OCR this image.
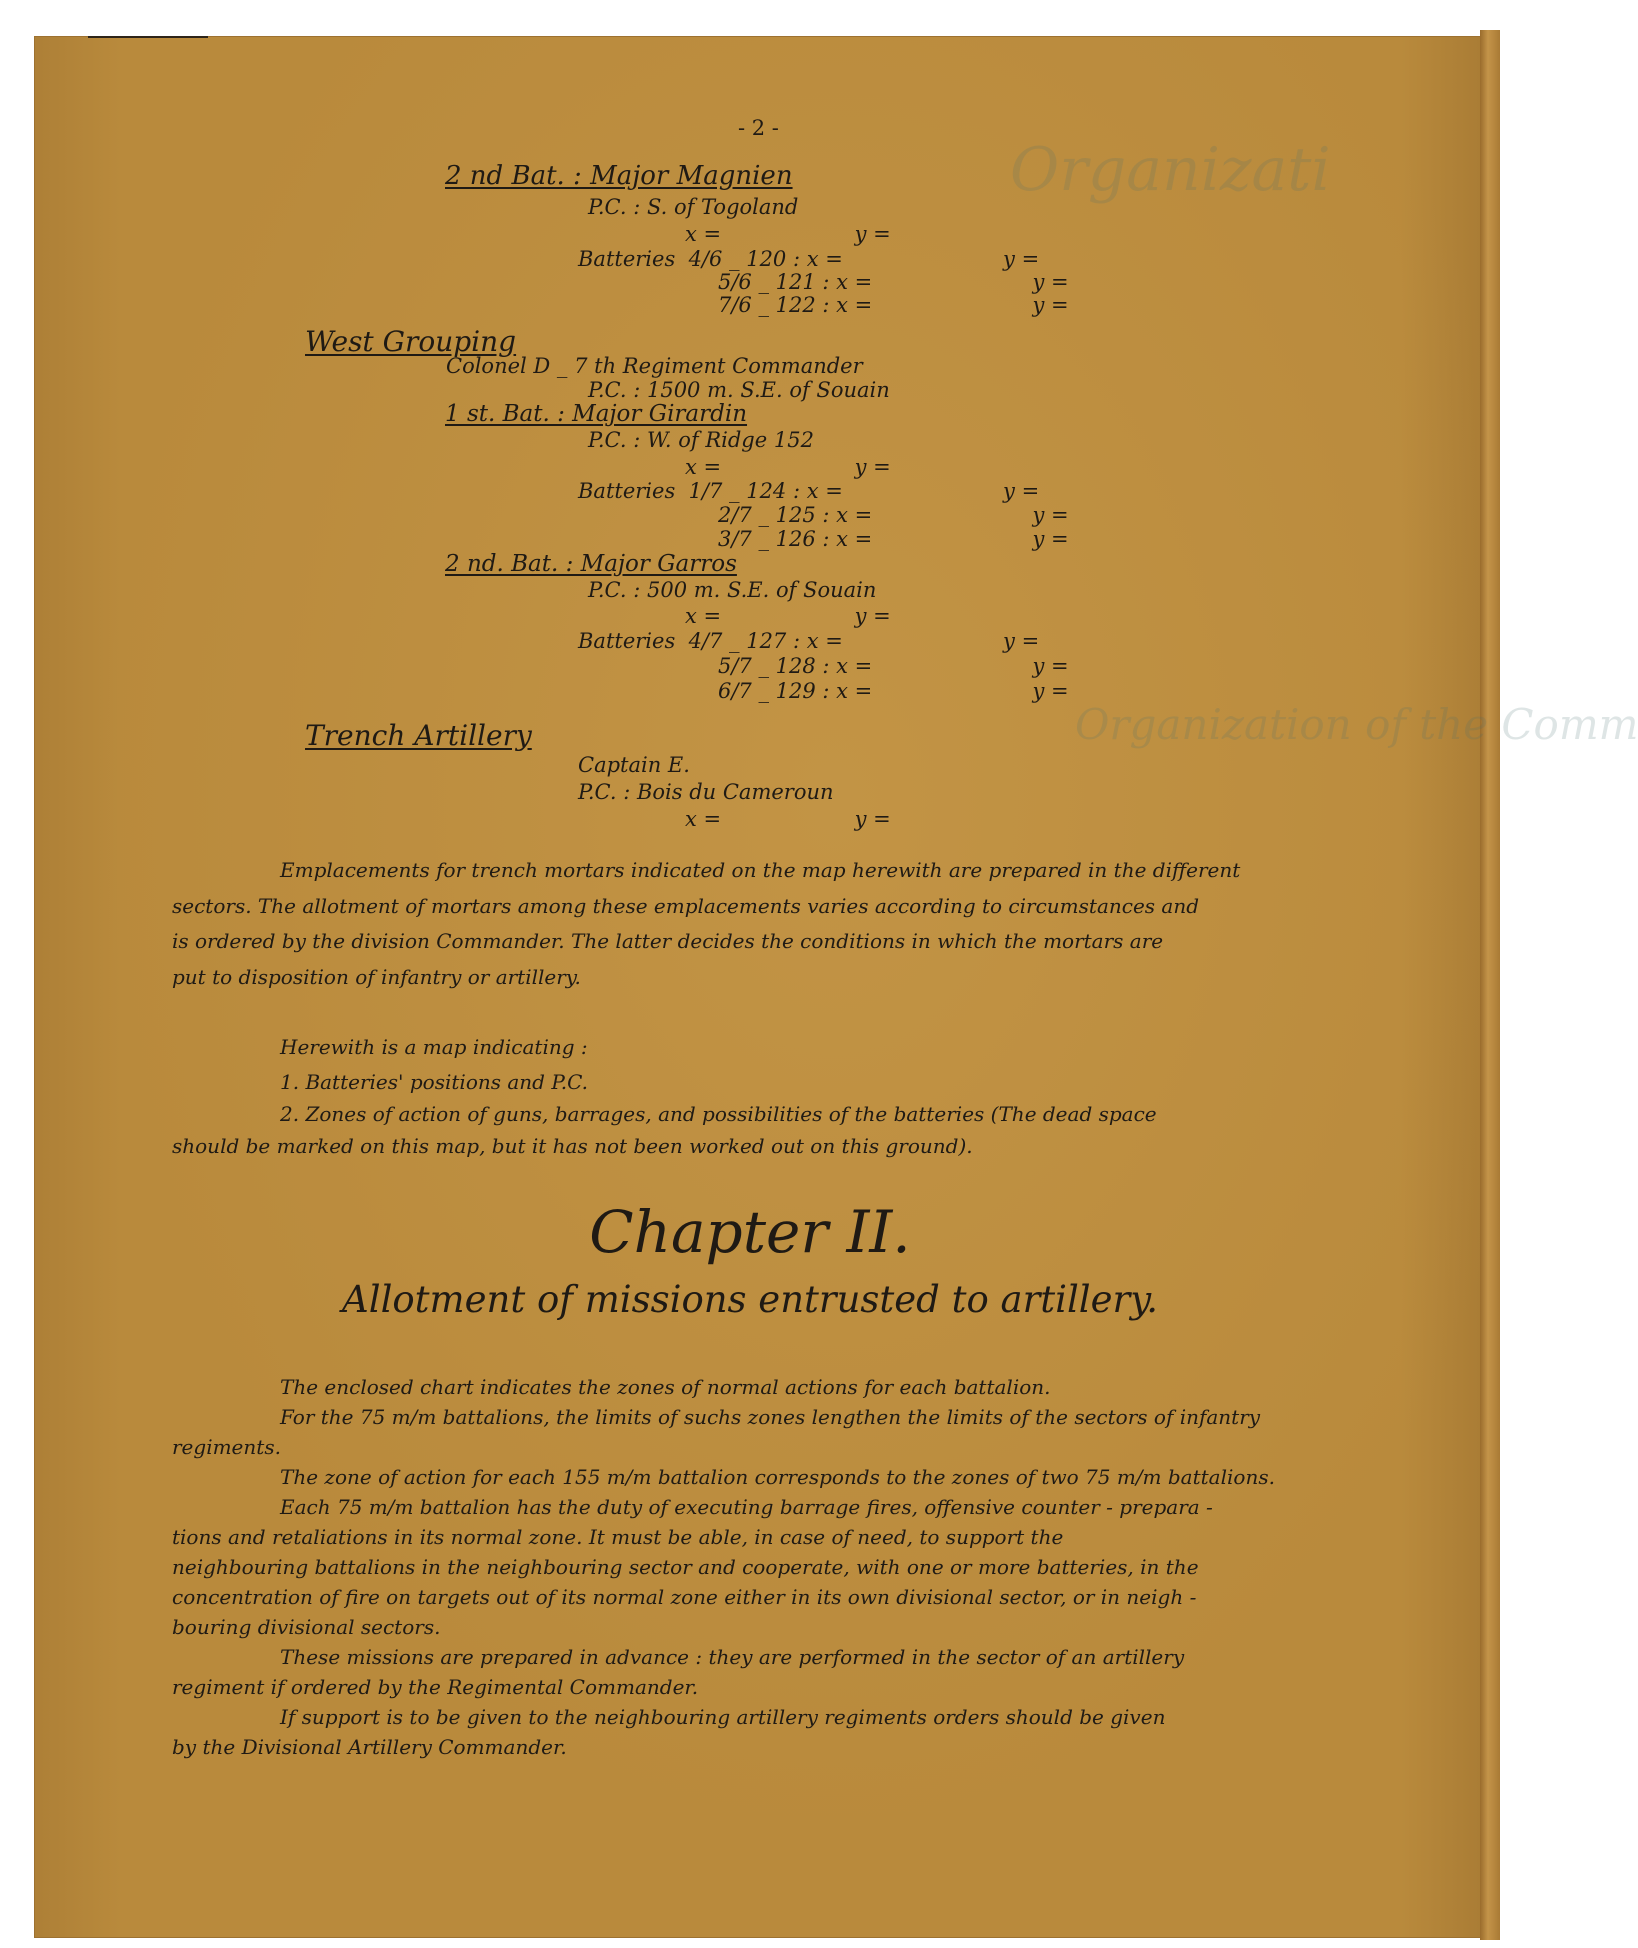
Organizati
Organization of the Comm
- 2 -
2 nd Bat. : Major Magnien
P.C. : S. of Togoland
x =                    y =
Batteries  4/6 _ 120 : x =                        y =
5/6 _ 121 : x =                        y =
7/6 _ 122 : x =                        y =
West Grouping
Colonel D _ 7 th Regiment Commander
P.C. : 1500 m. S.E. of Souain
1 st. Bat. : Major Girardin
P.C. : W. of Ridge 152
x =                    y =
Batteries  1/7 _ 124 : x =                        y =
2/7 _ 125 : x =                        y =
3/7 _ 126 : x =                        y =
2 nd. Bat. : Major Garros
P.C. : 500 m. S.E. of Souain
x =                    y =
Batteries  4/7 _ 127 : x =                        y =
5/7 _ 128 : x =                        y =
6/7 _ 129 : x =                        y =
Trench Artillery
Captain E.
P.C. : Bois du Cameroun
x =                    y =
Emplacements for trench mortars indicated on the map herewith are prepared in the different
sectors. The allotment of mortars among these emplacements varies according to circumstances and
is ordered by the division Commander. The latter decides the conditions in which the mortars are
put to disposition of infantry or artillery.
Herewith is a map indicating :
1. Batteries' positions and P.C.
2. Zones of action of guns, barrages, and possibilities of the batteries (The dead space
should be marked on this map, but it has not been worked out on this ground).
Chapter II.
Allotment of missions entrusted to artillery.
The enclosed chart indicates the zones of normal actions for each battalion.
For the 75 m/m battalions, the limits of suchs zones lengthen the limits of the sectors of infantry
regiments.
The zone of action for each 155 m/m battalion corresponds to the zones of two 75 m/m battalions.
Each 75 m/m battalion has the duty of executing barrage fires, offensive counter - prepara -
tions and retaliations in its normal zone. It must be able, in case of need, to support the
neighbouring battalions in the neighbouring sector and cooperate, with one or more batteries, in the
concentration of fire on targets out of its normal zone either in its own divisional sector, or in neigh -
bouring divisional sectors.
These missions are prepared in advance : they are performed in the sector of an artillery
regiment if ordered by the Regimental Commander.
If support is to be given to the neighbouring artillery regiments orders should be given
by the Divisional Artillery Commander.
